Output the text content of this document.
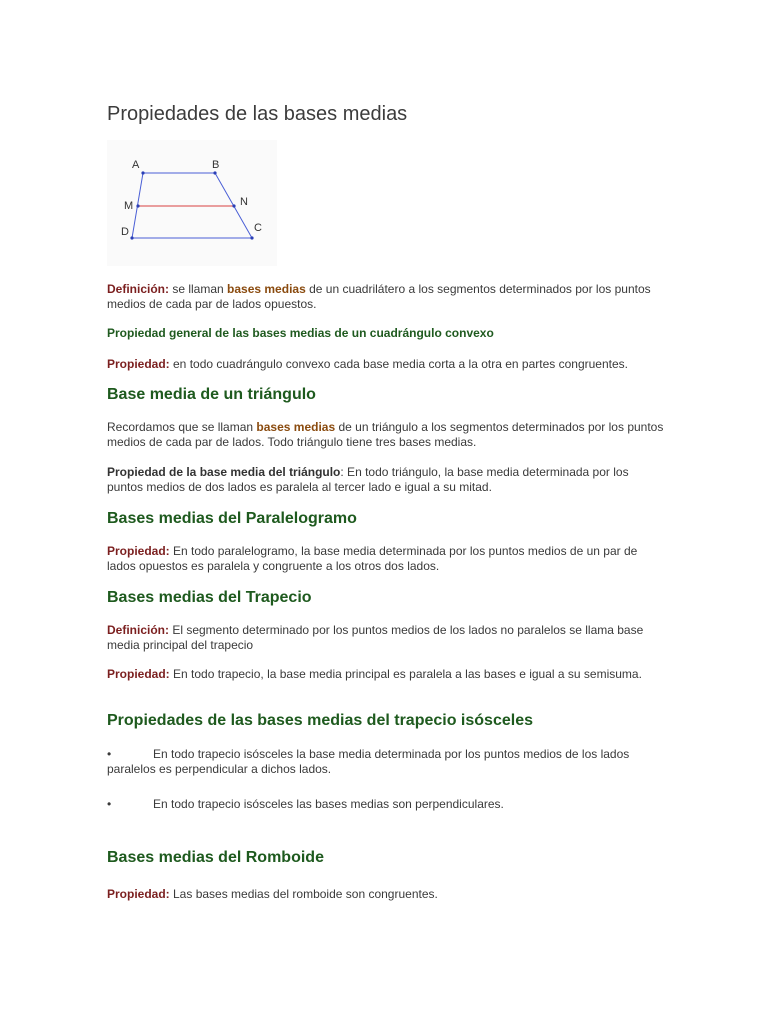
Propiedades de las bases medias
A	B
M	N
D	C

Definición: se llaman bases medias de un cuadrilátero a los segmentos determinados por los puntos medios de cada par de lados opuestos.

Propiedad general de las bases medias de un cuadrángulo convexo

Propiedad: en todo cuadrángulo convexo cada base media corta a la otra en partes congruentes.

Base media de un triángulo

Recordamos que se llaman bases medias de un triángulo a los segmentos determinados por los puntos medios de cada par de lados. Todo triángulo tiene tres bases medias.

Propiedad de la base media del triángulo: En todo triángulo, la base media determinada por los puntos medios de dos lados es paralela al tercer lado e igual a su mitad.

Bases medias del Paralelogramo

Propiedad: En todo paralelogramo, la base media determinada por los puntos medios de un par de lados opuestos es paralela y congruente a los otros dos lados.

Bases medias del Trapecio

Definición: El segmento determinado por los puntos medios de los lados no paralelos se llama base media principal del trapecio

Propiedad: En todo trapecio, la base media principal es paralela a las bases e igual a su semisuma.

Propiedades de las bases medias del trapecio isósceles
•	En todo trapecio isósceles la base media determinada por los puntos medios de los lados paralelos es perpendicular a dichos lados.

•	En todo trapecio isósceles las bases medias son perpendiculares.

Bases medias del Romboide

Propiedad: Las bases medias del romboide son congruentes.
